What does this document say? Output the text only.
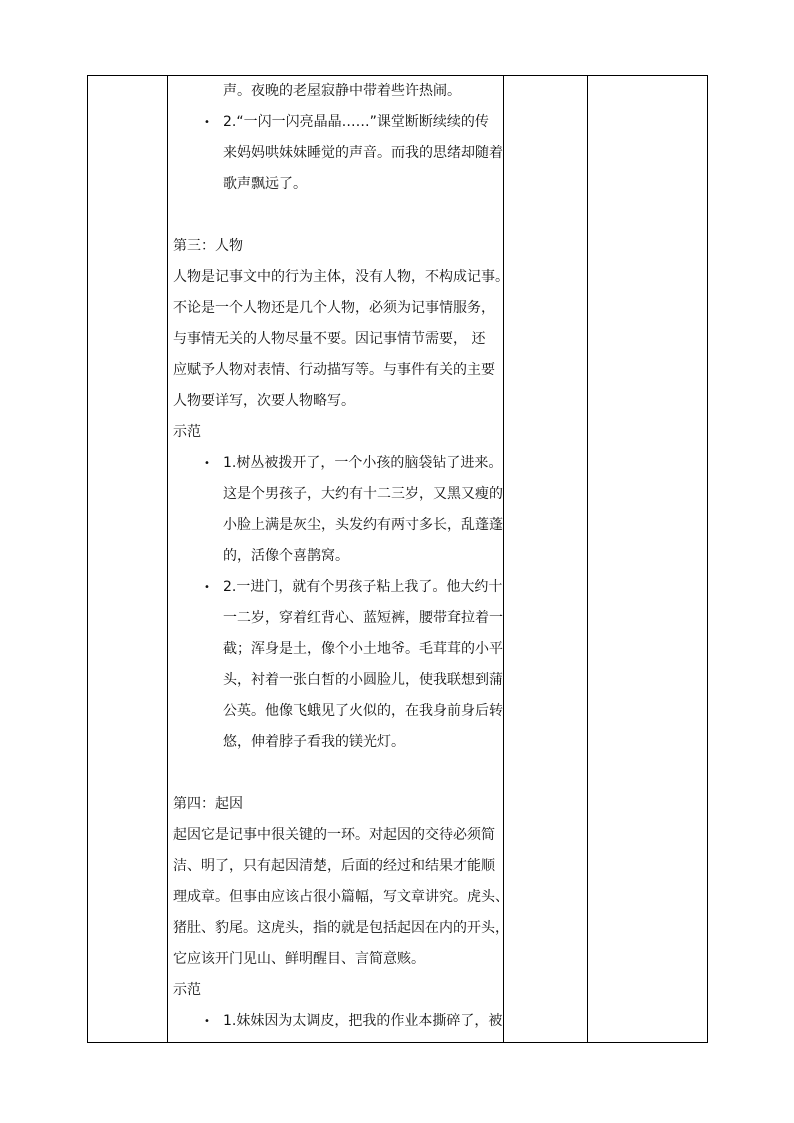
声。夜晚的老屋寂静中带着些许热闹。
• 2.“一闪一闪亮晶晶……”课堂断断续续的传
来妈妈哄妹妹睡觉的声音。而我的思绪却随着
歌声飘远了。
第三：人物
人物是记事文中的行为主体，没有人物，不构成记事。
不论是一个人物还是几个人物，必须为记事情服务，
与事情无关的人物尽量不要。因记事情节需要， 还
应赋予人物对表情、行动描写等。与事件有关的主要
人物要详写，次要人物略写。
示范
• 1.树丛被拨开了，一个小孩的脑袋钻了进来。
这是个男孩子，大约有十二三岁，又黑又瘦的
小脸上满是灰尘，头发约有两寸多长，乱蓬蓬
的，活像个喜鹊窝。
• 2.一进门，就有个男孩子粘上我了。他大约十
一二岁，穿着红背心、蓝短裤，腰带耷拉着一
截；浑身是土，像个小土地爷。毛茸茸的小平
头，衬着一张白皙的小圆脸儿，使我联想到蒲
公英。他像飞蛾见了火似的，在我身前身后转
悠，伸着脖子看我的镁光灯。
第四：起因
起因它是记事中很关键的一环。对起因的交待必须简
洁、明了，只有起因清楚，后面的经过和结果才能顺
理成章。但事由应该占很小篇幅，写文章讲究。虎头、
猪肚、豹尾。这虎头，指的就是包括起因在内的开头，
它应该开门见山、鲜明醒目、言简意赅。
示范
• 1.妹妹因为太调皮，把我的作业本撕碎了，被
